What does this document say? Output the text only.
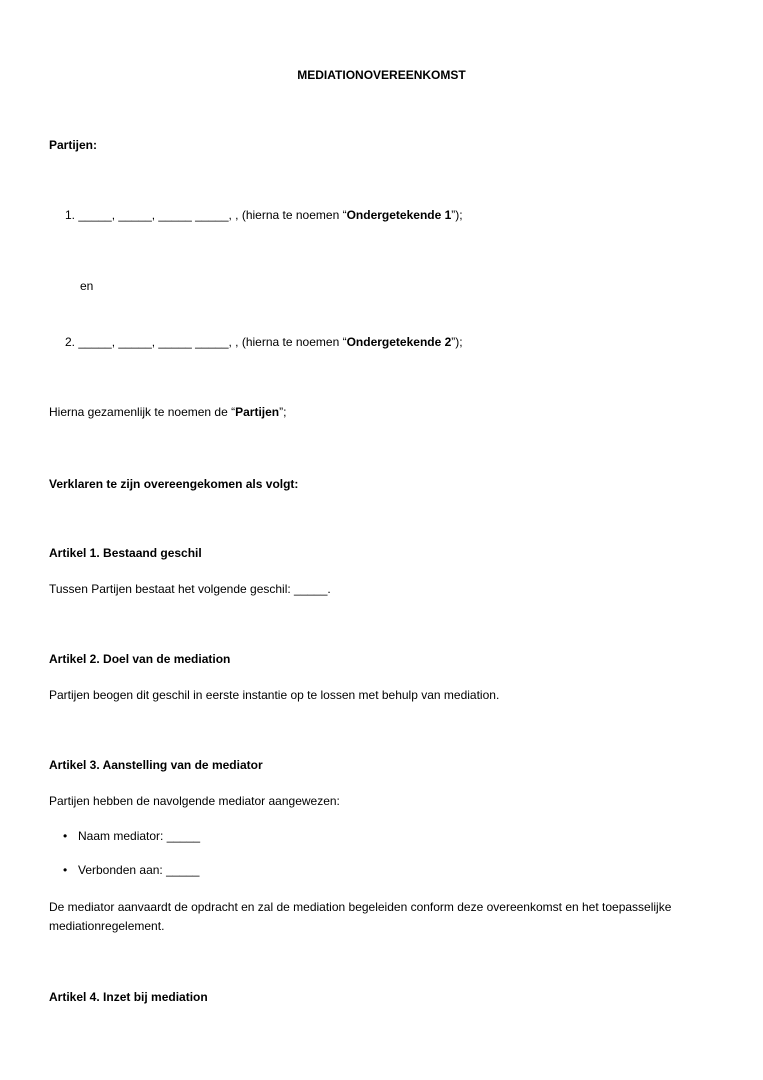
MEDIATIONOVEREENKOMST
Partijen:
1. _____, _____, _____ _____, , (hierna te noemen “Ondergetekende 1”);
en
2. _____, _____, _____ _____, , (hierna te noemen “Ondergetekende 2”);
Hierna gezamenlijk te noemen de “Partijen”;
Verklaren te zijn overeengekomen als volgt:
Artikel 1. Bestaand geschil
Tussen Partijen bestaat het volgende geschil: _____.
Artikel 2. Doel van de mediation
Partijen beogen dit geschil in eerste instantie op te lossen met behulp van mediation.
Artikel 3. Aanstelling van de mediator
Partijen hebben de navolgende mediator aangewezen:
• Naam mediator: _____
• Verbonden aan: _____
De mediator aanvaardt de opdracht en zal de mediation begeleiden conform deze overeenkomst en het toepasselijke mediationregelement.
Artikel 4. Inzet bij mediation
